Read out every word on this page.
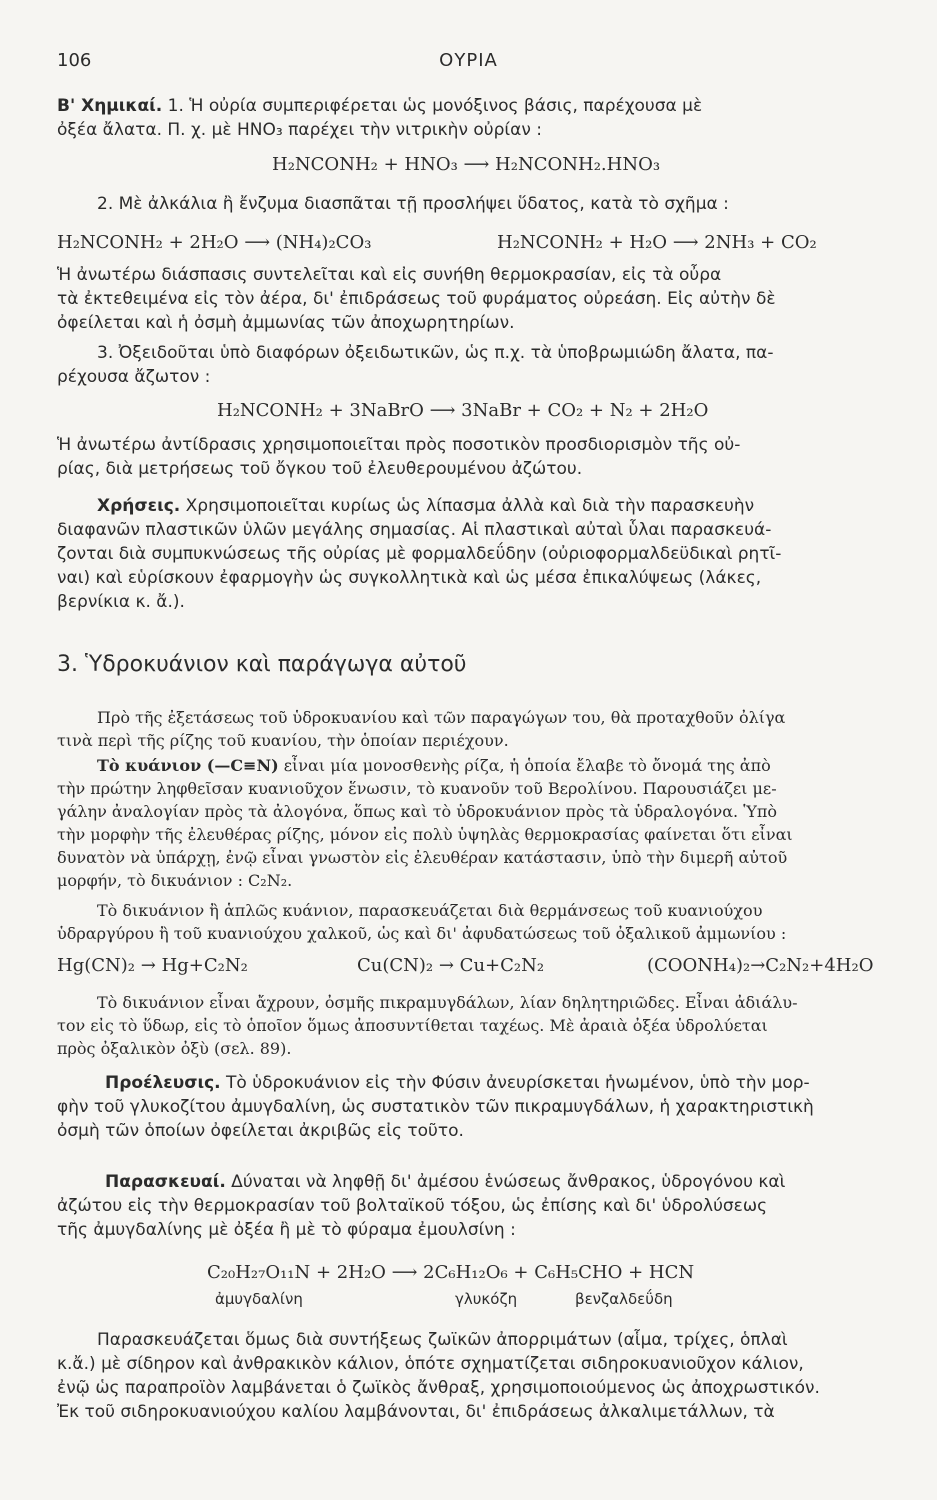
106	ΟΥΡΙΑ
Β' Χημικαί. 1. Ἡ οὐρία συμπεριφέρεται ὡς μονόξινος βάσις, παρέχουσα μὲ
ὀξέα ἄλατα. Π. χ. μὲ HNO₃ παρέχει τὴν νιτρικὴν οὐρίαν :
H₂NCONH₂ + HNO₃ ⟶ H₂NCONH₂.HNO₃
2. Μὲ ἀλκάλια ἢ ἔνζυμα διασπᾶται τῇ προσλήψει ὕδατος, κατὰ τὸ σχῆμα :
H₂NCONH₂ + 2H₂O ⟶ (NH₄)₂CO₃	H₂NCONH₂ + H₂O ⟶ 2NH₃ + CO₂
Ἡ ἀνωτέρω διάσπασις συντελεῖται καὶ εἰς συνήθη θερμοκρασίαν, εἰς τὰ οὖρα
τὰ ἐκτεθειμένα εἰς τὸν ἀέρα, δι' ἐπιδράσεως τοῦ φυράματος οὐρεάση. Εἰς αὐτὴν δὲ
ὀφείλεται καὶ ἡ ὀσμὴ ἀμμωνίας τῶν ἀποχωρητηρίων.
3. Ὀξειδοῦται ὑπὸ διαφόρων ὀξειδωτικῶν, ὡς π.χ. τὰ ὑποβρωμιώδη ἄλατα, πα-
ρέχουσα ἄζωτον :
H₂NCONH₂ + 3NaBrO ⟶ 3NaBr + CO₂ + N₂ + 2H₂O
Ἡ ἀνωτέρω ἀντίδρασις χρησιμοποιεῖται πρὸς ποσοτικὸν προσδιορισμὸν τῆς οὐ-
ρίας, διὰ μετρήσεως τοῦ ὄγκου τοῦ ἐλευθερουμένου ἀζώτου.
Χρήσεις. Χρησιμοποιεῖται κυρίως ὡς λίπασμα ἀλλὰ καὶ διὰ τὴν παρασκευὴν
διαφανῶν πλαστικῶν ὑλῶν μεγάλης σημασίας. Αἱ πλαστικαὶ αὐταὶ ὗλαι παρασκευά-
ζονται διὰ συμπυκνώσεως τῆς οὐρίας μὲ φορμαλδεΰδην (οὐριοφορμαλδεϋδικαὶ ρητῖ-
ναι) καὶ εὑρίσκουν ἐφαρμογὴν ὡς συγκολλητικὰ καὶ ὡς μέσα ἐπικαλύψεως (λάκες,
βερνίκια κ. ἄ.).
3. Ὑδροκυάνιον καὶ παράγωγα αὐτοῦ
Πρὸ τῆς ἐξετάσεως τοῦ ὑδροκυανίου καὶ τῶν παραγώγων του, θὰ προταχθοῦν ὀλίγα
τινὰ περὶ τῆς ρίζης τοῦ κυανίου, τὴν ὁποίαν περιέχουν.
Τὸ κυάνιον (—C≡N) εἶναι μία μονοσθενὴς ρίζα, ἡ ὁποία ἔλαβε τὸ ὄνομά της ἀπὸ
τὴν πρώτην ληφθεῖσαν κυανιοῦχον ἕνωσιν, τὸ κυανοῦν τοῦ Βερολίνου. Παρουσιάζει με-
γάλην ἀναλογίαν πρὸς τὰ ἀλογόνα, ὅπως καὶ τὸ ὑδροκυάνιον πρὸς τὰ ὑδραλογόνα. Ὑπὸ
τὴν μορφὴν τῆς ἐλευθέρας ρίζης, μόνον εἰς πολὺ ὑψηλὰς θερμοκρασίας φαίνεται ὅτι εἶναι
δυνατὸν νὰ ὑπάρχῃ, ἐνῷ εἶναι γνωστὸν εἰς ἐλευθέραν κατάστασιν, ὑπὸ τὴν διμερῆ αὐτοῦ
μορφήν, τὸ δικυάνιον : C₂N₂.
Τὸ δικυάνιον ἢ ἁπλῶς κυάνιον, παρασκευάζεται διὰ θερμάνσεως τοῦ κυανιούχου
ὑδραργύρου ἢ τοῦ κυανιούχου χαλκοῦ, ὡς καὶ δι' ἀφυδατώσεως τοῦ ὀξαλικοῦ ἀμμωνίου :
Hg(CN)₂ → Hg+C₂N₂	Cu(CN)₂ → Cu+C₂N₂	(COONH₄)₂→C₂N₂+4H₂O
Τὸ δικυάνιον εἶναι ἄχρουν, ὀσμῆς πικραμυγδάλων, λίαν δηλητηριῶδες. Εἶναι ἀδιάλυ-
τον εἰς τὸ ὕδωρ, εἰς τὸ ὁποῖον ὅμως ἀποσυντίθεται ταχέως. Μὲ ἀραιὰ ὀξέα ὑδρολύεται
πρὸς ὀξαλικὸν ὀξὺ (σελ. 89).
Προέλευσις. Τὸ ὑδροκυάνιον εἰς τὴν Φύσιν ἀνευρίσκεται ἡνωμένον, ὑπὸ τὴν μορ-
φὴν τοῦ γλυκοζίτου ἀμυγδαλίνη, ὡς συστατικὸν τῶν πικραμυγδάλων, ἡ χαρακτηριστικὴ
ὀσμὴ τῶν ὁποίων ὀφείλεται ἀκριβῶς εἰς τοῦτο.
Παρασκευαί. Δύναται νὰ ληφθῇ δι' ἀμέσου ἑνώσεως ἄνθρακος, ὑδρογόνου καὶ
ἀζώτου εἰς τὴν θερμοκρασίαν τοῦ βολταϊκοῦ τόξου, ὡς ἐπίσης καὶ δι' ὑδρολύσεως
τῆς ἀμυγδαλίνης μὲ ὀξέα ἢ μὲ τὸ φύραμα ἐμουλσίνη :
C₂₀H₂₇O₁₁N + 2H₂O ⟶ 2C₆H₁₂O₆ + C₆H₅CHO + HCN
ἀμυγδαλίνη	γλυκόζη	βενζαλδεΰδη
Παρασκευάζεται ὅμως διὰ συντήξεως ζωϊκῶν ἀπορριμάτων (αἷμα, τρίχες, ὁπλαὶ
κ.ἄ.) μὲ σίδηρον καὶ ἀνθρακικὸν κάλιον, ὁπότε σχηματίζεται σιδηροκυανιοῦχον κάλιον,
ἐνῷ ὡς παραπροϊὸν λαμβάνεται ὁ ζωϊκὸς ἄνθραξ, χρησιμοποιούμενος ὡς ἀποχρωστικόν.
Ἐκ τοῦ σιδηροκυανιούχου καλίου λαμβάνονται, δι' ἐπιδράσεως ἀλκαλιμετάλλων, τὰ
